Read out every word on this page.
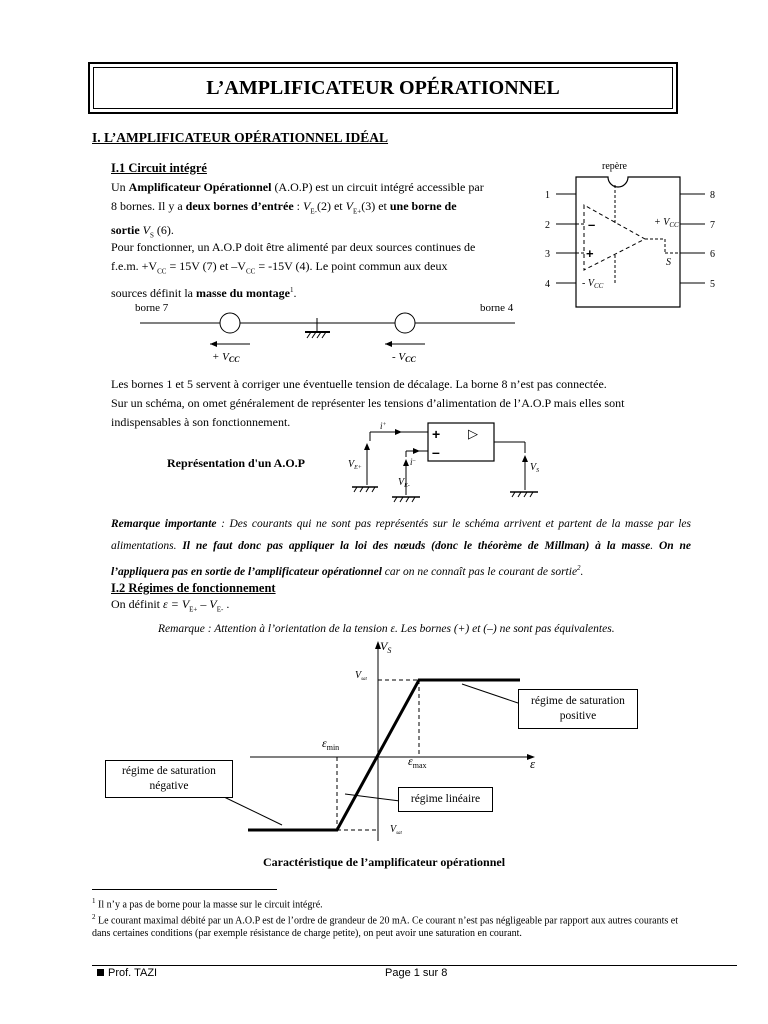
L’AMPLIFICATEUR OPÉRATIONNEL
I. L’AMPLIFICATEUR OPÉRATIONNEL IDÉAL
I.1 Circuit intégré
Un Amplificateur Opérationnel (A.O.P) est un circuit intégré accessible par
8 bornes. Il y a deux bornes d’entrée : $V_{E-}(2)$ et $V_{E+}(3)$ et une borne de
sortie $V_S$ (6).
Pour fonctionner, un A.O.P doit être alimenté par deux sources continues de
f.e.m. $+V_{CC} = 15V$ (7) et $-V_{CC} = -15V$ (4). Le point commun aux deux
sources définit la masse du montage$^1$.
repère
1
2
3
4
8
7
6
5
–
+
+ $V_{CC}$
- $V_{CC}$
S
borne 7	borne 4
+ VCC	- VCC
Les bornes 1 et 5 servent à corriger une éventuelle tension de décalage. La borne 8 n’est pas connectée.
Sur un schéma, on omet généralement de représenter les tensions d’alimentation de l’A.O.P mais elles sont
indispensables à son fonctionnement.
Représentation d'un A.O.P
+
–
▷
i+
i–
$V_{E+}$
$V_{E-}$
$V_S$
Remarque importante : Des courants qui ne sont pas représentés sur le schéma arrivent et partent de la masse par les alimentations. Il ne faut donc pas appliquer la loi des nœuds (donc le théorème de Millman) à la masse. On ne l’appliquera pas en sortie de l’amplificateur opérationnel car on ne connaît pas le courant de sortie$^2$.
I.2 Régimes de fonctionnement
On définit $\varepsilon = V_{E+} - V_{E-}$ .
Remarque : Attention à l’orientation de la tension ε. Les bornes (+) et (–) ne sont pas équivalentes.
$V_S$
ε
$V_{sat}$
$V_{sat}$
$\varepsilon_{min}$
$\varepsilon_{max}$
régime de saturation positive
régime de saturation négative
régime linéaire
Caractéristique de l’amplificateur opérationnel
$^1$ Il n’y a pas de borne pour la masse sur le circuit intégré.
$^2$ Le courant maximal débité par un A.O.P est de l’ordre de grandeur de 20 mA. Ce courant n’est pas négligeable par rapport aux autres courants et dans certaines conditions (par exemple résistance de charge petite), on peut avoir une saturation en courant.
Prof. TAZI	Page 1 sur 8
